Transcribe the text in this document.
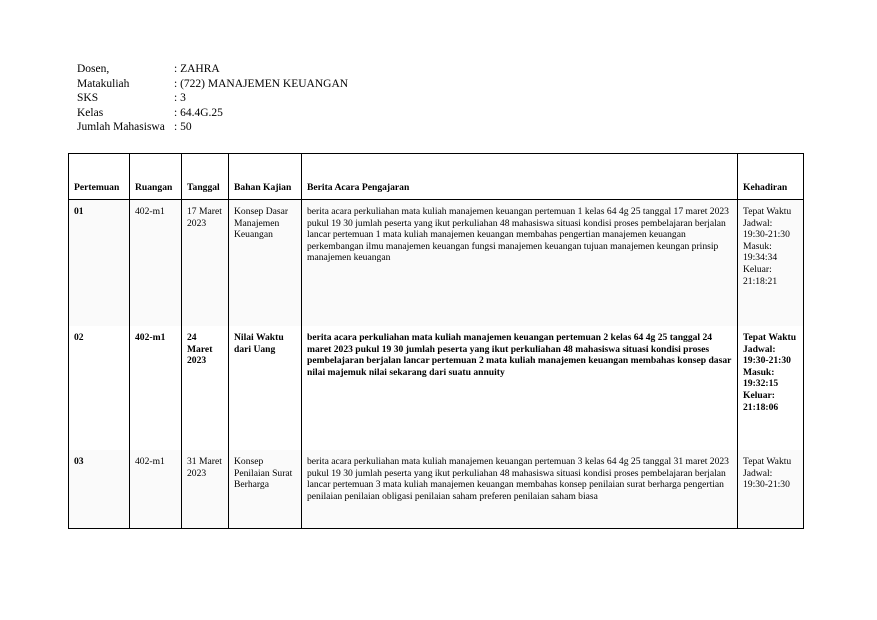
Dosen,	: ZAHRA
Matakuliah	: (722) MANAJEMEN KEUANGAN
SKS	: 3
Kelas	: 64.4G.25
Jumlah Mahasiswa : 50
Pertemuan	Ruangan	Tanggal	Bahan Kajian	Berita Acara Pengajaran	Kehadiran
01	402-m1	17 Maret 2023	Konsep Dasar Manajemen Keuangan	berita acara perkuliahan mata kuliah manajemen keuangan pertemuan 1 kelas 64 4g 25 tanggal 17 maret 2023 pukul 19 30 jumlah peserta yang ikut perkuliahan 48 mahasiswa situasi kondisi proses pembelajaran berjalan lancar pertemuan 1 mata kuliah manajemen keuangan membahas pengertian manajemen keuangan perkembangan ilmu manajemen keuangan fungsi manajemen keuangan tujuan manajemen keungan prinsip manajemen keuangan	Tepat Waktu Jadwal: 19:30-21:30 Masuk: 19:34:34 Keluar: 21:18:21
02	402-m1	24 Maret 2023	Nilai Waktu dari Uang	berita acara perkuliahan mata kuliah manajemen keuangan pertemuan 2 kelas 64 4g 25 tanggal 24 maret 2023 pukul 19 30 jumlah peserta yang ikut perkuliahan 48 mahasiswa situasi kondisi proses pembelajaran berjalan lancar pertemuan 2 mata kuliah manajemen keuangan membahas konsep dasar nilai majemuk nilai sekarang dari suatu annuity	Tepat Waktu Jadwal: 19:30-21:30 Masuk: 19:32:15 Keluar: 21:18:06
03	402-m1	31 Maret 2023	Konsep Penilaian Surat Berharga	berita acara perkuliahan mata kuliah manajemen keuangan pertemuan 3 kelas 64 4g 25 tanggal 31 maret 2023 pukul 19 30 jumlah peserta yang ikut perkuliahan 48 mahasiswa situasi kondisi proses pembelajaran berjalan lancar pertemuan 3 mata kuliah manajemen keuangan membahas konsep penilaian surat berharga pengertian penilaian penilaian obligasi penilaian saham preferen penilaian saham biasa	Tepat Waktu Jadwal: 19:30-21:30
